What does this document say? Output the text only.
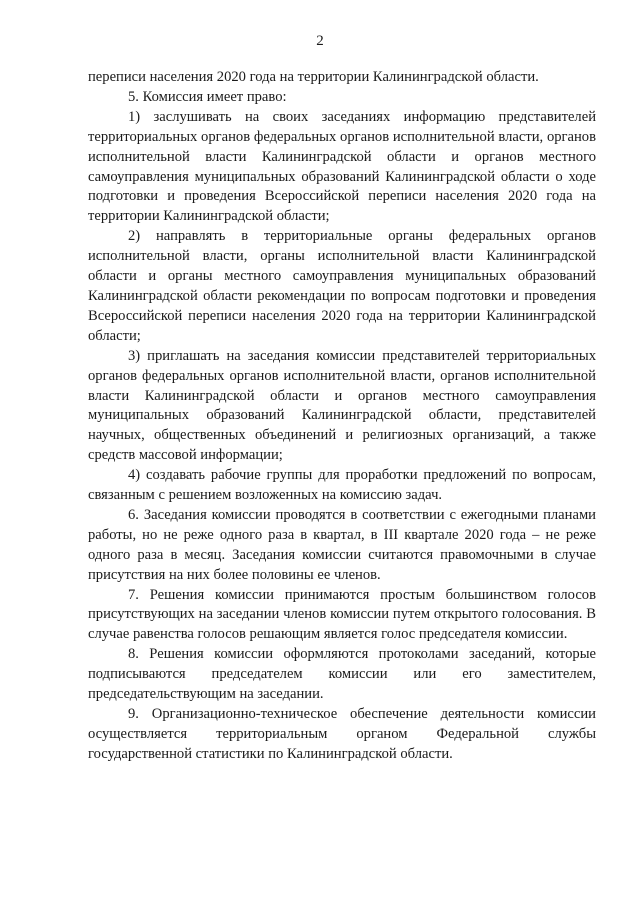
2

переписи населения 2020 года на территории Калининградской области.

5. Комиссия имеет право:

1) заслушивать на своих заседаниях информацию представителей территориальных органов федеральных органов исполнительной власти, органов исполнительной власти Калининградской области и органов местного самоуправления муниципальных образований Калининградской области о ходе подготовки и проведения Всероссийской переписи населения 2020 года на территории Калининградской области;

2) направлять в территориальные органы федеральных органов исполнительной власти, органы исполнительной власти Калининградской области и органы местного самоуправления муниципальных образований Калининградской области рекомендации по вопросам подготовки и проведения Всероссийской переписи населения 2020 года на территории Калининградской области;

3) приглашать на заседания комиссии представителей территориальных органов федеральных органов исполнительной власти, органов исполнительной власти Калининградской области и органов местного самоуправления муниципальных образований Калининградской области, представителей научных, общественных объединений и религиозных организаций, а также средств массовой информации;

4) создавать рабочие группы для проработки предложений по вопросам, связанным с решением возложенных на комиссию задач.

6. Заседания комиссии проводятся в соответствии с ежегодными планами работы, но не реже одного раза в квартал, в III квартале 2020 года – не реже одного раза в месяц. Заседания комиссии считаются правомочными в случае присутствия на них более половины ее членов.

7. Решения комиссии принимаются простым большинством голосов присутствующих на заседании членов комиссии путем открытого голосования. В случае равенства голосов решающим является голос председателя комиссии.

8. Решения комиссии оформляются протоколами заседаний, которые подписываются председателем комиссии или его заместителем, председательствующим на заседании.

9. Организационно-техническое обеспечение деятельности комиссии осуществляется территориальным органом Федеральной службы государственной статистики по Калининградской области.
